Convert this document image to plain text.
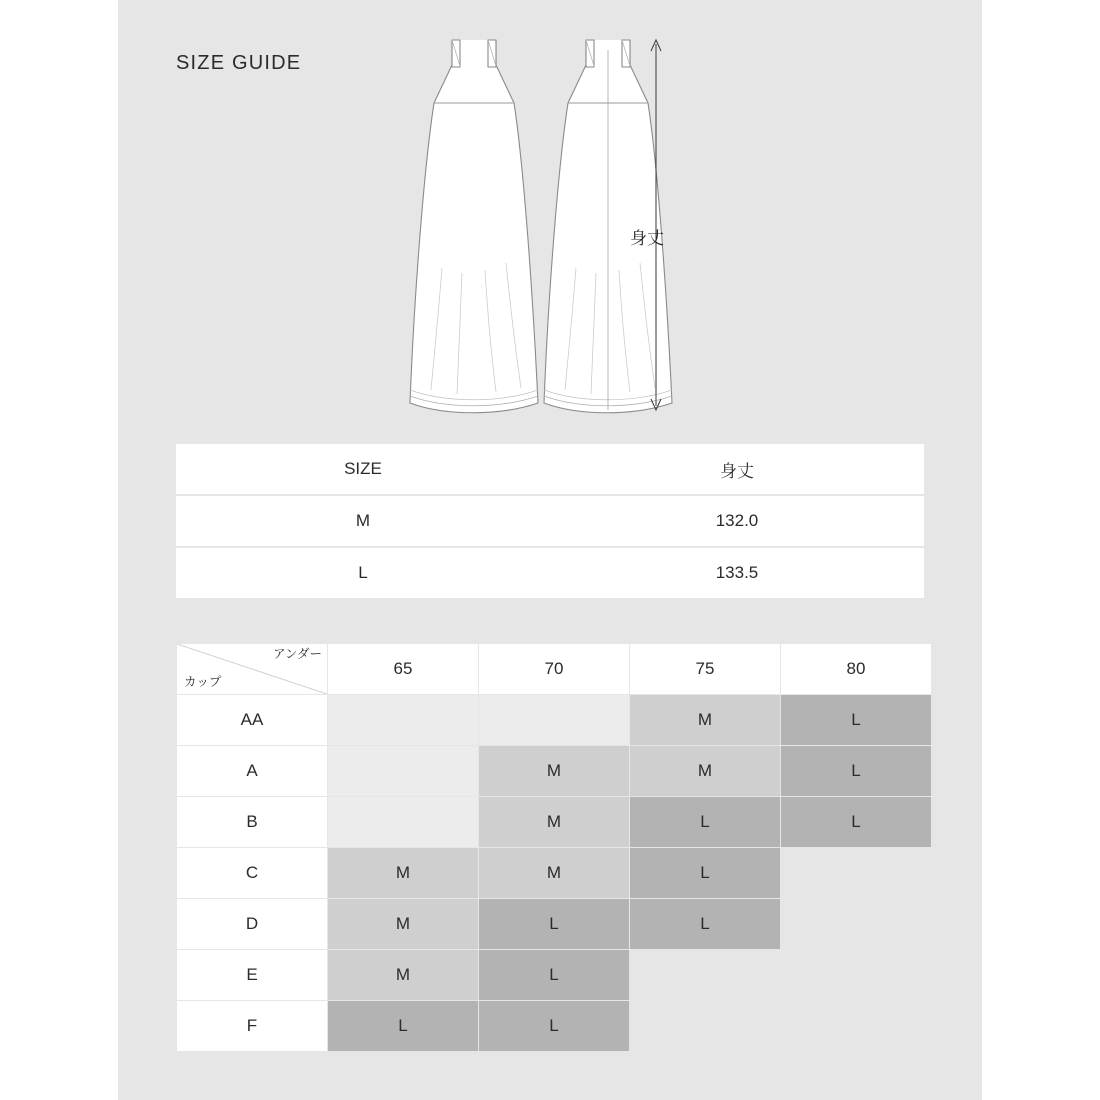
SIZE GUIDE
身丈
SIZE	身丈

M	132.0

L	133.5
アンダー
カップ	65	70	75	80
AA			M	L
A		M	M	L
B		M	L	L
C	M	M	L	
D	M	L	L	
E	M	L		
F	L	L		
